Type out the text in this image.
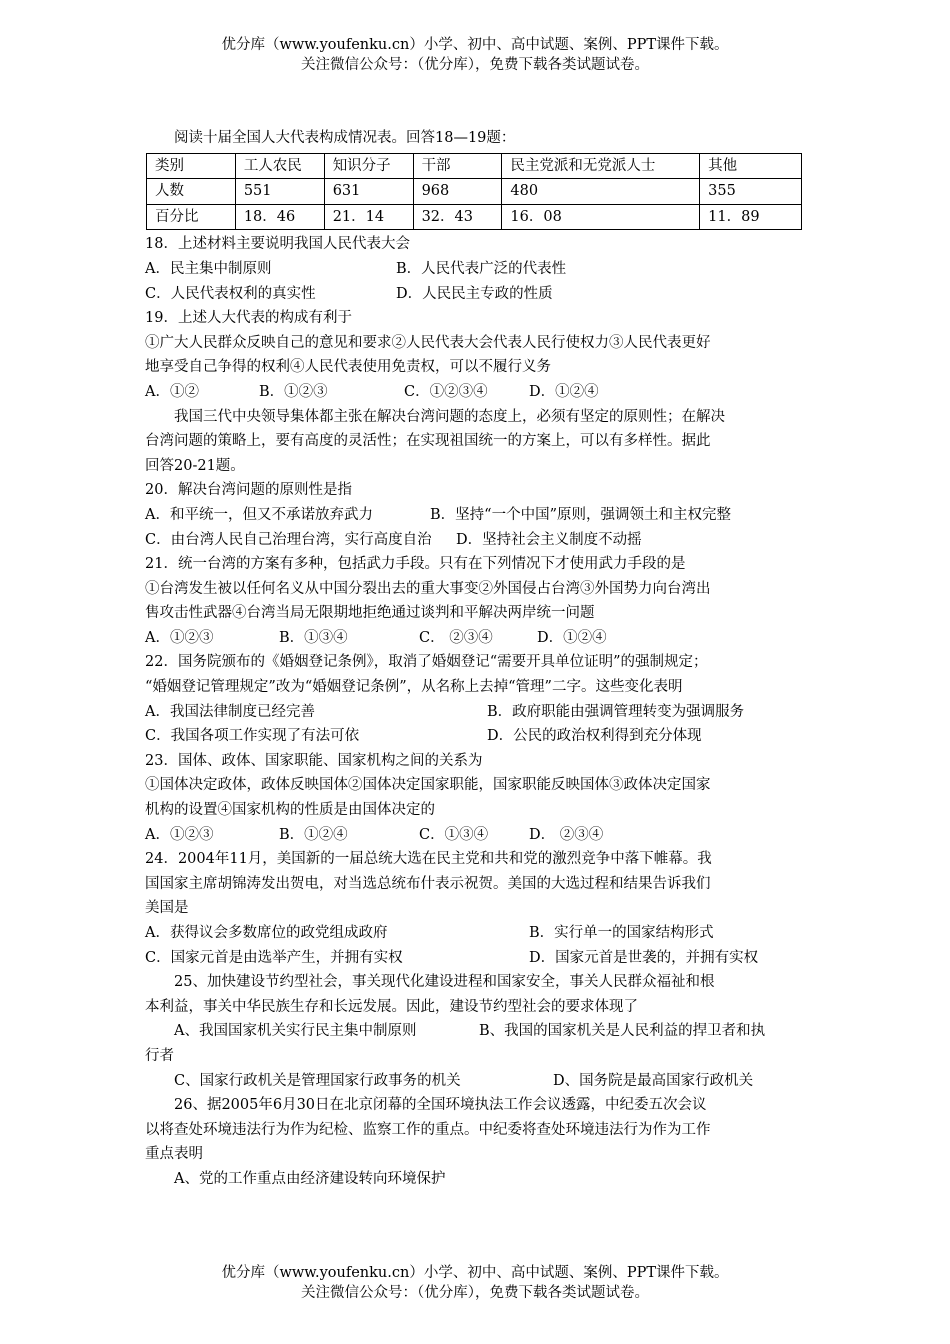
优分库（www.youfenku.cn）小学、初中、高中试题、案例、PPT课件下载。
关注微信公众号：（优分库），免费下载各类试题试卷。
阅读十届全国人大代表构成情况表。回答18—19题：
类别	工人农民	知识分子	干部	民主党派和无党派人士	其他
人数	551	631	968	480	355
百分比	18．46	21．14	32．43	16．08	11．89
18．上述材料主要说明我国人民代表大会
A．民主集中制原则	B．人民代表广泛的代表性
C．人民代表权利的真实性	D．人民民主专政的性质
19．上述人大代表的构成有利于
①广大人民群众反映自己的意见和要求②人民代表大会代表人民行使权力③人民代表更好
地享受自己争得的权利④人民代表使用免责权，可以不履行义务
A．①②	B．①②③	C．①②③④	D．①②④
我国三代中央领导集体都主张在解决台湾问题的态度上，必须有坚定的原则性；在解决
台湾问题的策略上，要有高度的灵活性；在实现祖国统一的方案上，可以有多样性。据此
回答20-21题。
20．解决台湾问题的原则性是指
A．和平统一，但又不承诺放弃武力	B．坚持“一个中国”原则，强调领土和主权完整
C．由台湾人民自己治理台湾，实行高度自治 D．坚持社会主义制度不动摇
21．统一台湾的方案有多种，包括武力手段。只有在下列情况下才使用武力手段的是
①台湾发生被以任何名义从中国分裂出去的重大事变②外国侵占台湾③外国势力向台湾出
售攻击性武器④台湾当局无限期地拒绝通过谈判和平解决两岸统一问题
A．①②③	B．①③④	C． ②③④	D．①②④
22．国务院颁布的《婚姻登记条例》，取消了婚姻登记“需要开具单位证明”的强制规定；
“婚姻登记管理规定”改为“婚姻登记条例”，从名称上去掉“管理”二字。这些变化表明
A．我国法律制度已经完善	B．政府职能由强调管理转变为强调服务
C．我国各项工作实现了有法可依	D．公民的政治权利得到充分体现
23．国体、政体、国家职能、国家机构之间的关系为
①国体决定政体，政体反映国体②国体决定国家职能，国家职能反映国体③政体决定国家
机构的设置④国家机构的性质是由国体决定的
A．①②③	B．①②④	C．①③④	D． ②③④
24．2004年11月，美国新的一届总统大选在民主党和共和党的激烈竞争中落下帷幕。我
国国家主席胡锦涛发出贺电，对当选总统布什表示祝贺。美国的大选过程和结果告诉我们
美国是
A．获得议会多数席位的政党组成政府	B．实行单一的国家结构形式
C．国家元首是由选举产生，并拥有实权	D．国家元首是世袭的，并拥有实权
25、加快建设节约型社会，事关现代化建设进程和国家安全，事关人民群众福祉和根
本利益，事关中华民族生存和长远发展。因此，建设节约型社会的要求体现了
A、我国国家机关实行民主集中制原则	B、我国的国家机关是人民利益的捍卫者和执
行者
C、国家行政机关是管理国家行政事务的机关	D、国务院是最高国家行政机关
26、据2005年6月30日在北京闭幕的全国环境执法工作会议透露，中纪委五次会议
以将查处环境违法行为作为纪检、监察工作的重点。中纪委将查处环境违法行为作为工作
重点表明
A、党的工作重点由经济建设转向环境保护
优分库（www.youfenku.cn）小学、初中、高中试题、案例、PPT课件下载。
关注微信公众号：（优分库），免费下载各类试题试卷。
